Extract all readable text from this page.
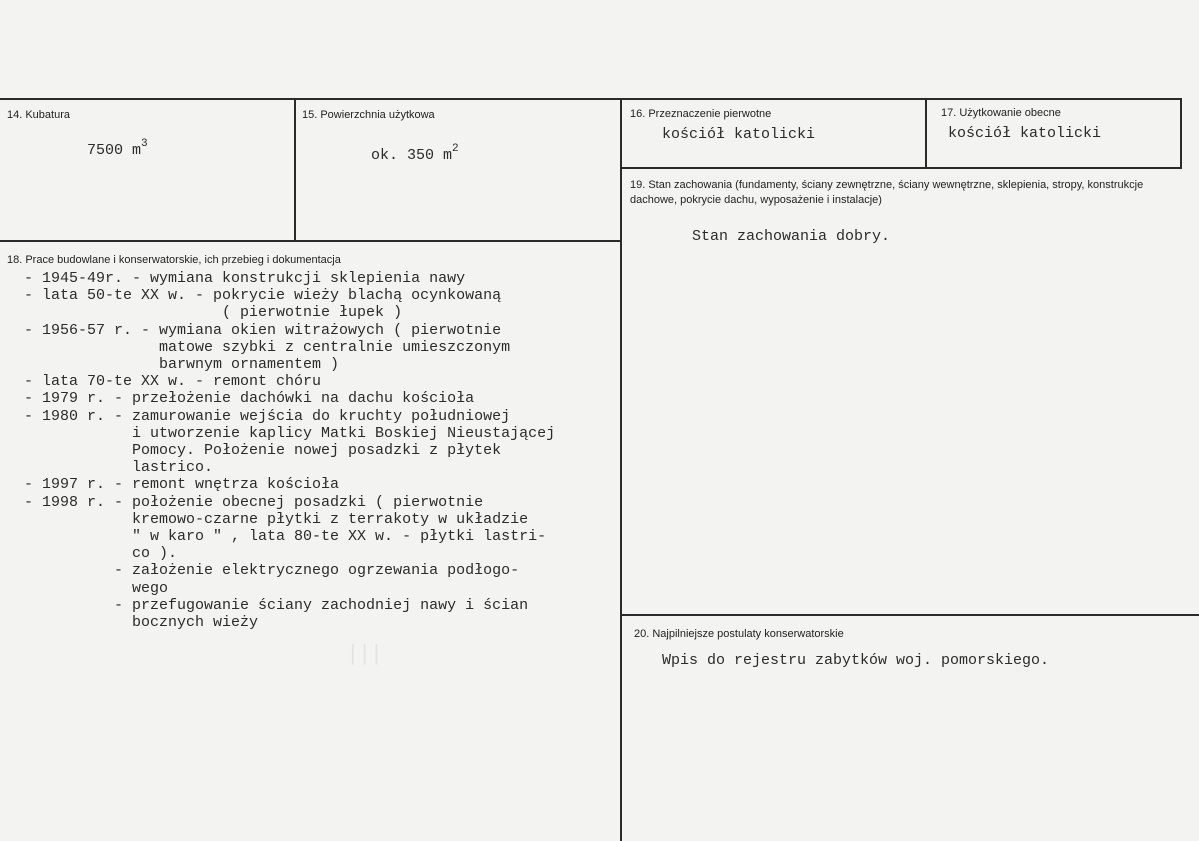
| | |
14. Kubatura
7500 $m^3$
15. Powierzchnia użytkowa
ok. 350 $m^2$
16. Przeznaczenie pierwotne
kościół katolicki
17. Użytkowanie obecne
kościół katolicki
19. Stan zachowania (fundamenty, ściany zewnętrzne, ściany wewnętrzne, sklepienia, stropy, konstrukcje dachowe, pokrycie dachu, wyposażenie i instalacje)
Stan zachowania dobry.
18. Prace budowlane i konserwatorskie, ich przebieg i dokumentacja
- 1945-49r. - wymiana konstrukcji sklepienia nawy
- lata 50-te XX w. - pokrycie wieży blachą ocynkowaną
( pierwotnie łupek )
- 1956-57 r. - wymiana okien witrażowych ( pierwotnie
matowe szybki z centralnie umieszczonym
barwnym ornamentem )
- lata 70-te XX w. - remont chóru
- 1979 r. - przełożenie dachówki na dachu kościoła
- 1980 r. - zamurowanie wejścia do kruchty południowej
i utworzenie kaplicy Matki Boskiej Nieustającej
Pomocy. Położenie nowej posadzki z płytek
lastrico.
- 1997 r. - remont wnętrza kościoła
- 1998 r. - położenie obecnej posadzki ( pierwotnie
kremowo-czarne płytki z terrakoty w układzie
" w karo " , lata 80-te XX w. - płytki lastri-
co ).
- założenie elektrycznego ogrzewania podłogo-
wego
- przefugowanie ściany zachodniej nawy i ścian
bocznych wieży
20. Najpilniejsze postulaty konserwatorskie
Wpis do rejestru zabytków woj. pomorskiego.
